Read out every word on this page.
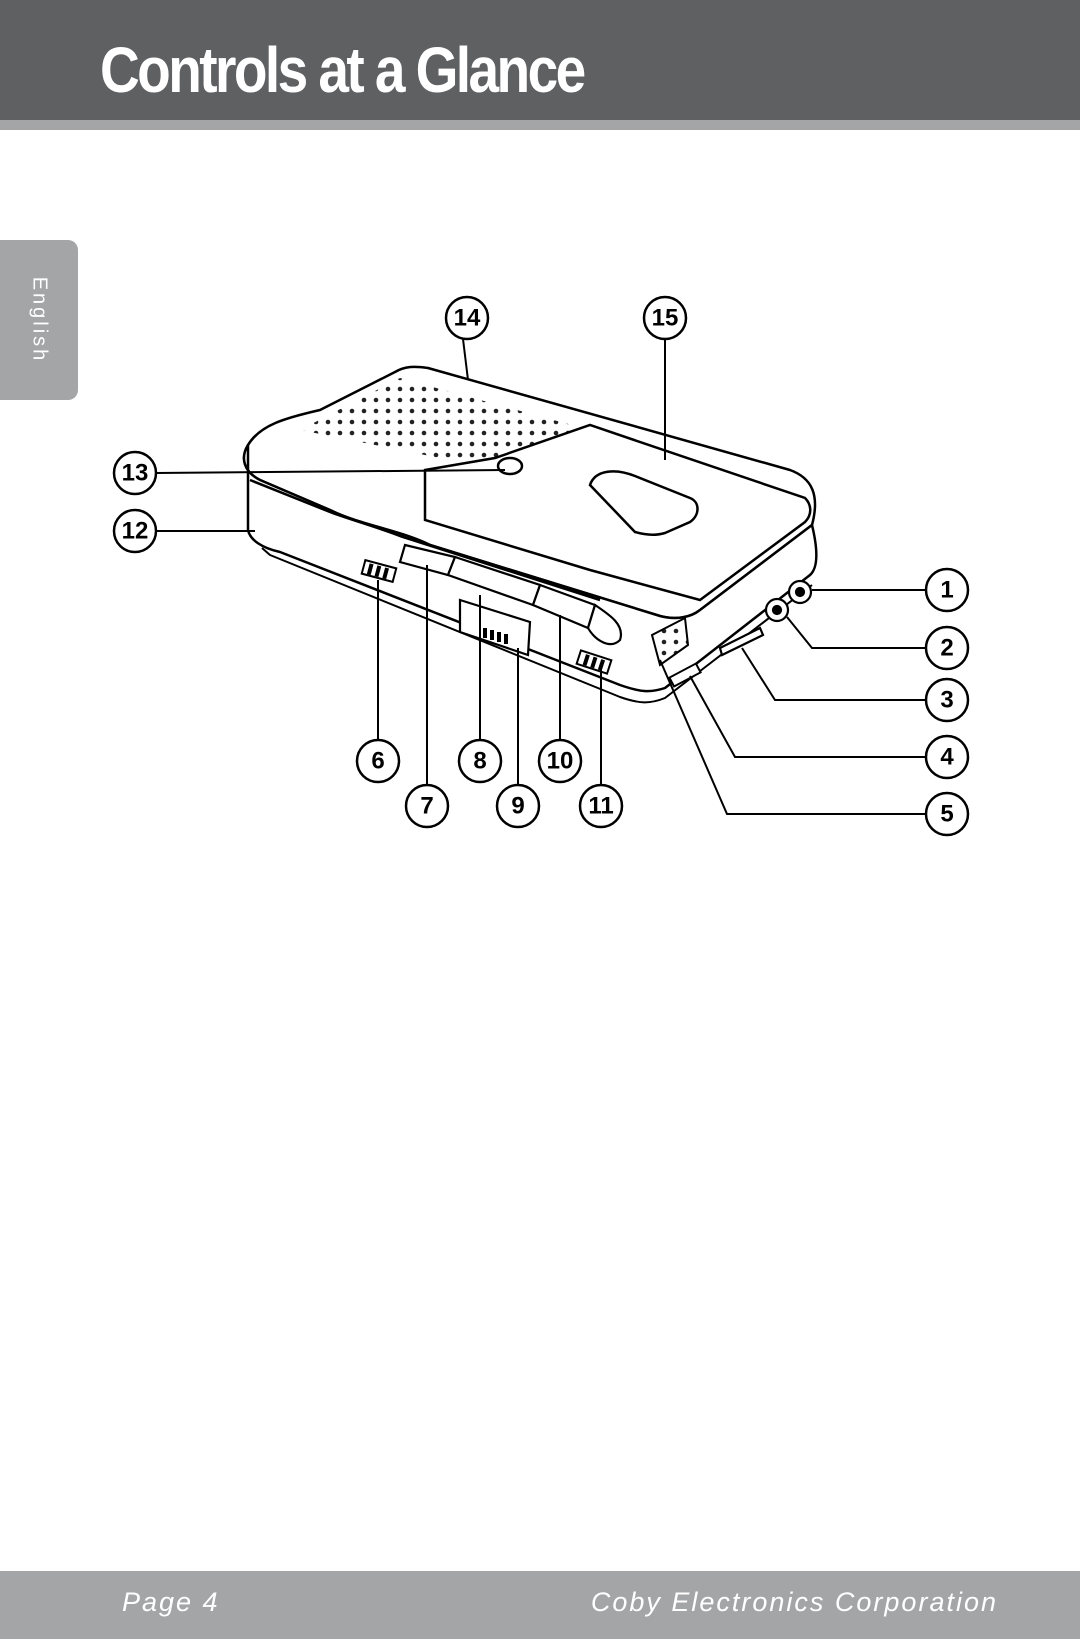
Controls at a Glance
English
1
2
3
4
5
6
7
8
9
10
11
12
13
14	15
Page 4	Coby Electronics Corporation
